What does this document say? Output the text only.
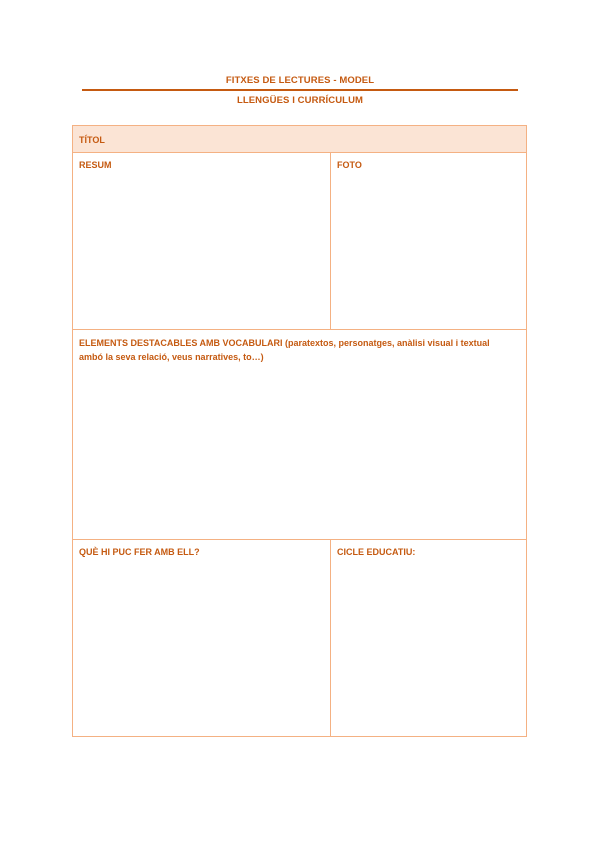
FITXES DE LECTURES - MODEL
LLENGÜES I CURRÍCULUM
TÍTOL
RESUM	FOTO
ELEMENTS DESTACABLES AMB VOCABULARI (paratextos, personatges, anàlisi visual i textual ambó la seva relació, veus narratives, to…)
QUÈ HI PUC FER AMB ELL?	CICLE EDUCATIU:
